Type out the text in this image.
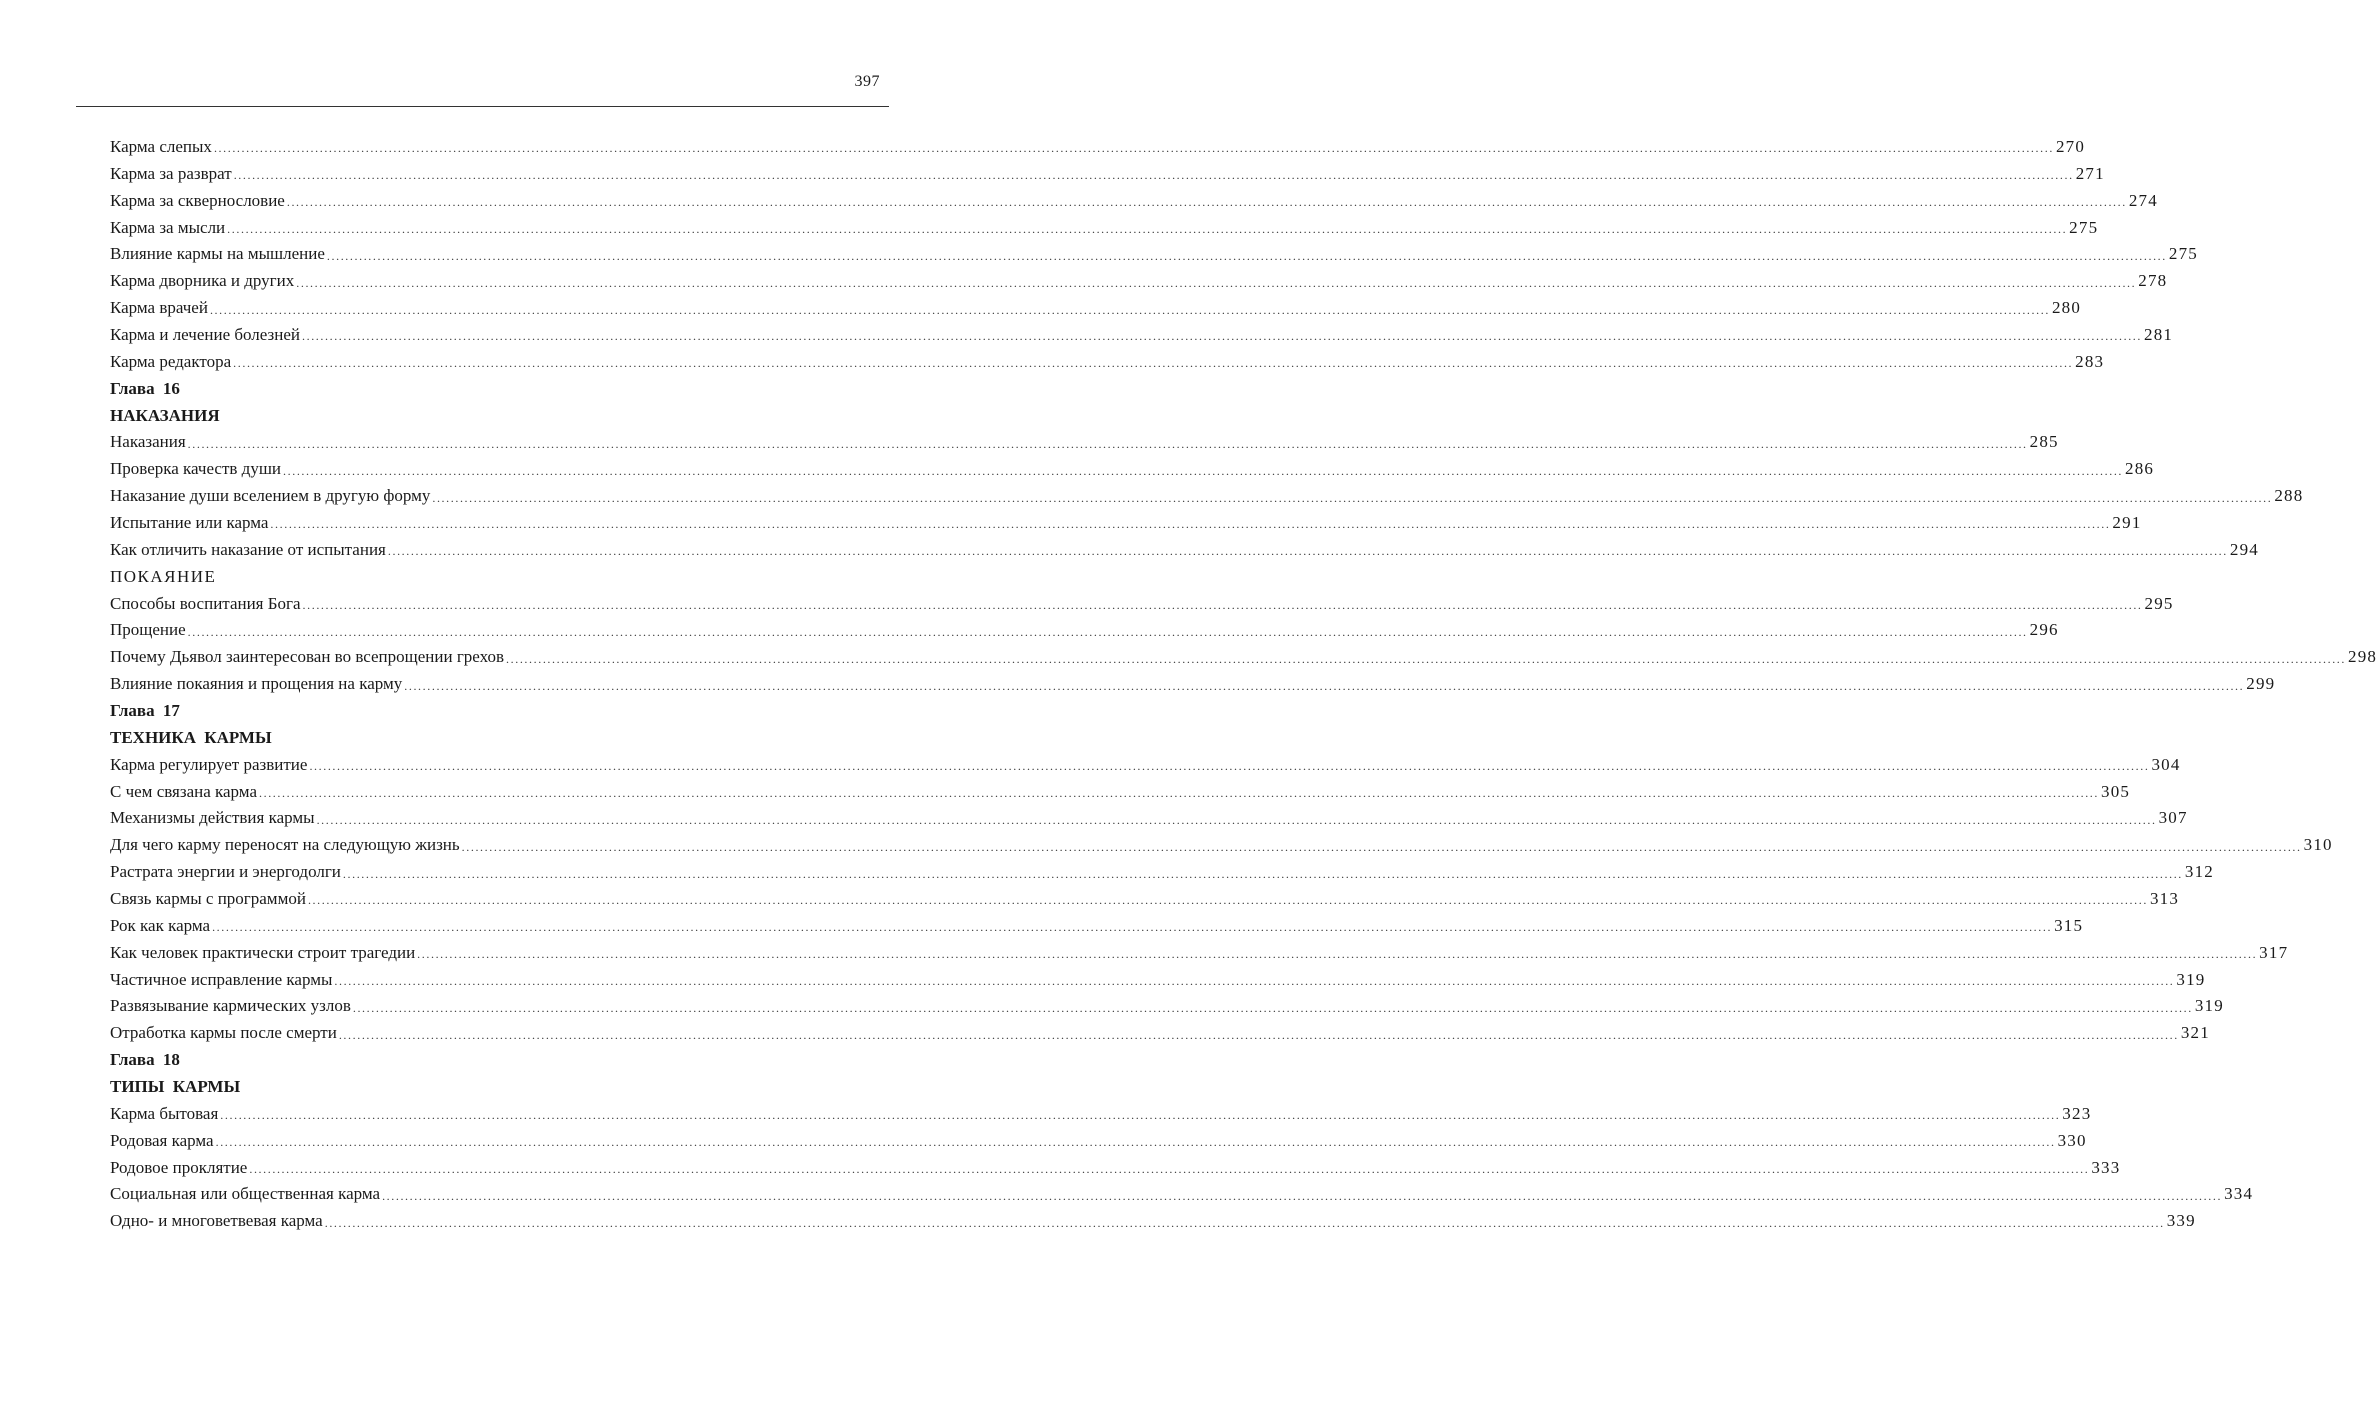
397
Карма слепых ................................................................................................................................................................................................................................................................................................................................................................................................................ 270
Карма за разврат ................................................................................................................................................................................................................................................................................................................................................................................................................ 271
Карма за сквернословие ................................................................................................................................................................................................................................................................................................................................................................................................................ 274
Карма за мысли ................................................................................................................................................................................................................................................................................................................................................................................................................ 275
Влияние кармы на мышление ................................................................................................................................................................................................................................................................................................................................................................................................................ 275
Карма дворника и других ................................................................................................................................................................................................................................................................................................................................................................................................................ 278
Карма врачей ................................................................................................................................................................................................................................................................................................................................................................................................................ 280
Карма и лечение болезней ................................................................................................................................................................................................................................................................................................................................................................................................................ 281
Карма редактора ................................................................................................................................................................................................................................................................................................................................................................................................................ 283
Глава 16
НАКАЗАНИЯ
Наказания ................................................................................................................................................................................................................................................................................................................................................................................................................ 285
Проверка качеств души ................................................................................................................................................................................................................................................................................................................................................................................................................ 286
Наказание души вселением в другую форму ................................................................................................................................................................................................................................................................................................................................................................................................................ 288
Испытание или карма ................................................................................................................................................................................................................................................................................................................................................................................................................ 291
Как отличить наказание от испытания ................................................................................................................................................................................................................................................................................................................................................................................................................ 294
ПОКАЯНИЕ
Способы воспитания Бога ................................................................................................................................................................................................................................................................................................................................................................................................................ 295
Прощение ................................................................................................................................................................................................................................................................................................................................................................................................................ 296
Почему Дьявол заинтересован во всепрощении грехов ................................................................................................................................................................................................................................................................................................................................................................................................................ 298
Влияние покаяния и прощения на карму ................................................................................................................................................................................................................................................................................................................................................................................................................ 299
Глава 17
ТЕХНИКА КАРМЫ
Карма регулирует развитие ................................................................................................................................................................................................................................................................................................................................................................................................................ 304
С чем связана карма ................................................................................................................................................................................................................................................................................................................................................................................................................ 305
Механизмы действия кармы ................................................................................................................................................................................................................................................................................................................................................................................................................ 307
Для чего карму переносят на следующую жизнь ................................................................................................................................................................................................................................................................................................................................................................................................................ 310
Растрата энергии и энергодолги ................................................................................................................................................................................................................................................................................................................................................................................................................ 312
Связь кармы с программой ................................................................................................................................................................................................................................................................................................................................................................................................................ 313
Рок как карма ................................................................................................................................................................................................................................................................................................................................................................................................................ 315
Как человек практически строит трагедии ................................................................................................................................................................................................................................................................................................................................................................................................................ 317
Частичное исправление кармы ................................................................................................................................................................................................................................................................................................................................................................................................................ 319
Развязывание кармических узлов ................................................................................................................................................................................................................................................................................................................................................................................................................ 319
Отработка кармы после смерти ................................................................................................................................................................................................................................................................................................................................................................................................................ 321
Глава 18
ТИПЫ КАРМЫ
Карма бытовая ................................................................................................................................................................................................................................................................................................................................................................................................................ 323
Родовая карма ................................................................................................................................................................................................................................................................................................................................................................................................................ 330
Родовое проклятие ................................................................................................................................................................................................................................................................................................................................................................................................................ 333
Социальная или общественная карма ................................................................................................................................................................................................................................................................................................................................................................................................................ 334
Одно- и многоветвевая карма ................................................................................................................................................................................................................................................................................................................................................................................................................ 339
